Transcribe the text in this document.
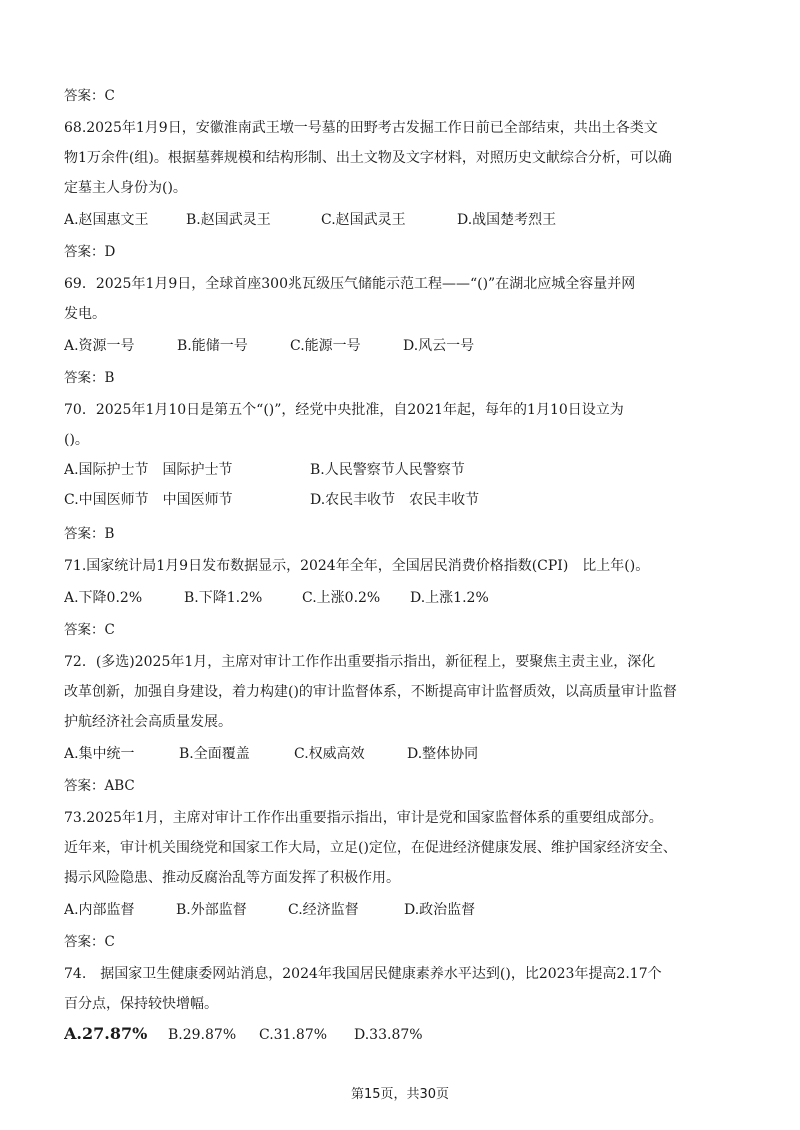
答案：C
68.2025年1月9日，安徽淮南武王墩一号墓的田野考古发掘工作日前已全部结束，共出土各类文
物1万余件(组)。根据墓葬规模和结构形制、出土文物及文字材料，对照历史文献综合分析，可以确
定墓主人身份为()。
A.赵国惠文王	B.赵国武灵王	C.赵国武灵王	D.战国楚考烈王
答案：D
69．2025年1月9日，全球首座300兆瓦级压气储能示范工程——“()”在湖北应城全容量并网
发电。
A.资源一号	B.能储一号	C.能源一号	D.风云一号
答案：B
70．2025年1月10日是第五个“()”，经党中央批准，自2021年起，每年的1月10日设立为
()。
A.国际护士节　国际护士节	B.人民警察节人民警察节
C.中国医师节　中国医师节	D.农民丰收节　农民丰收节
答案：B
71.国家统计局1月9日发布数据显示，2024年全年，全国居民消费价格指数(CPI)　比上年()。
A.下降0.2%	B.下降1.2%	C.上涨0.2% D.上涨1.2%
答案：C
72．(多选)2025年1月，主席对审计工作作出重要指示指出，新征程上，要聚焦主责主业，深化
改革创新，加强自身建设，着力构建()的审计监督体系，不断提高审计监督质效，以高质量审计监督
护航经济社会高质量发展。
A.集中统一	B.全面覆盖	C.权威高效	D.整体协同
答案：ABC
73.2025年1月，主席对审计工作作出重要指示指出，审计是党和国家监督体系的重要组成部分。
近年来，审计机关围绕党和国家工作大局，立足()定位，在促进经济健康发展、维护国家经济安全、
揭示风险隐患、推动反腐治乱等方面发挥了积极作用。
A.内部监督	B.外部监督	C.经济监督	D.政治监督
答案：C
74.　据国家卫生健康委网站消息，2024年我国居民健康素养水平达到()，比2023年提高2.17个
百分点，保持较快增幅。
A.27.87% B.29.87% C.31.87% D.33.87%
第15页，共30页
